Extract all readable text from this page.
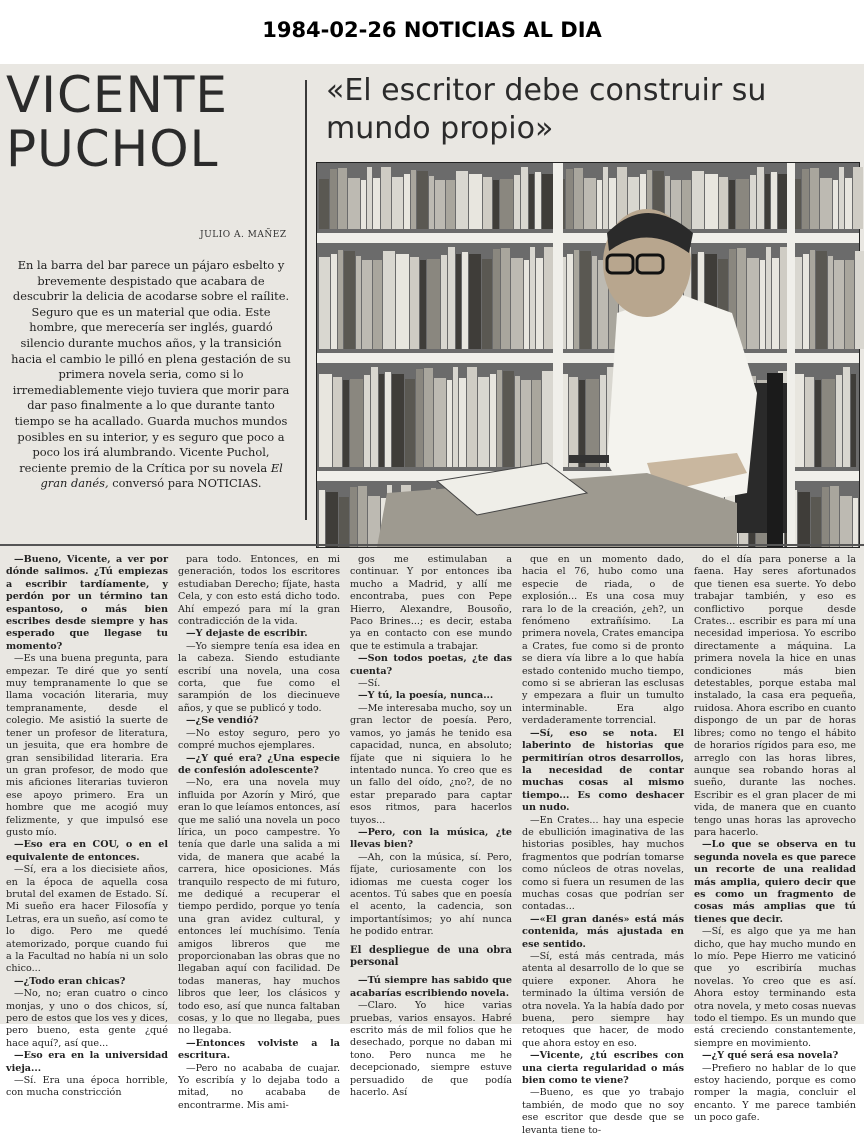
1984-02-26 NOTICIAS AL DIA
VICENTE
PUCHOL
«El escritor debe construir su mundo propio»
JULIO A. MAÑEZ
En la barra del bar parece un pájaro esbelto y brevemente despistado que acabara de descubrir la delicia de acodarse sobre el raílite. Seguro que es un material que odia. Este hombre, que merecería ser inglés, guardó silencio durante muchos años, y la transición hacia el cambio le pilló en plena gestación de su primera novela seria, como si lo irremediablemente viejo tuviera que morir para dar paso finalmente a lo que durante tanto tiempo se ha acallado. Guarda muchos mundos posibles en su interior, y es seguro que poco a poco los irá alumbrando. Vicente Puchol, reciente premio de la Crítica por su novela El gran danés, conversó para NOTICIAS.

—Bueno, Vicente, a ver por dónde salimos. ¿Tú empiezas a escribir tardíamente, y perdón por un término tan espantoso, o más bien escribes desde siempre y has esperado que llegase tu momento?

—Es una buena pregunta, para empezar. Te diré que yo sentí muy tempranamente lo que se llama vocación literaria, muy tempranamente, desde el colegio. Me asistió la suerte de tener un profesor de literatura, un jesuita, que era hombre de gran sensibilidad literaria. Era un gran profesor, de modo que mis aficiones literarias tuvieron ese apoyo primero. Era un hombre que me acogió muy felizmente, y que impulsó ese gusto mío.

—Eso era en COU, o en el equivalente de entonces.

—Sí, era a los diecisiete años, en la época de aquella cosa brutal del examen de Estado. Sí. Mi sueño era hacer Filosofía y Letras, era un sueño, así como te lo digo. Pero me quedé atemorizado, porque cuando fui a la Facultad no había ni un solo chico...

—¿Todo eran chicas?

—No, no; eran cuatro o cinco monjas, y uno o dos chicos, sí, pero de estos que los ves y dices, pero bueno, esta gente ¿qué hace aquí?, así que...

—Eso era en la universidad vieja...

—Sí. Era una época horrible, con mucha constricción

para todo. Entonces, en mi generación, todos los escritores estudiaban Derecho; fíjate, hasta Cela, y con esto está dicho todo. Ahí empezó para mí la gran contradicción de la vida.

—Y dejaste de escribir.

—Yo siempre tenía esa idea en la cabeza. Siendo estudiante escribí una novela, una cosa corta, que fue como el sarampión de los diecinueve años, y que se publicó y todo.

—¿Se vendió?

—No estoy seguro, pero yo compré muchos ejemplares.

—¿Y qué era? ¿Una especie de confesión adolescente?

—No, era una novela muy influida por Azorín y Miró, que eran lo que leíamos entonces, así que me salió una novela un poco lírica, un poco campestre. Yo tenía que darle una salida a mi vida, de manera que acabé la carrera, hice oposiciones. Más tranquilo respecto de mi futuro, me dediqué a recuperar el tiempo perdido, porque yo tenía una gran avidez cultural, y entonces leí muchísimo. Tenía amigos libreros que me proporcionaban las obras que no llegaban aquí con facilidad. De todas maneras, hay muchos libros que leer, los clásicos y todo eso, así que nunca faltaban cosas, y lo que no llegaba, pues no llegaba.

—Entonces volviste a la escritura.

—Pero no acababa de cuajar. Yo escribía y lo dejaba todo a mitad, no acababa de encontrarme. Mis ami-

gos me estimulaban a continuar. Y por entonces iba mucho a Madrid, y allí me encontraba, pues con Pepe Hierro, Alexandre, Bousoño, Paco Brines...; es decir, estaba ya en contacto con ese mundo que te estimula a trabajar.

—Son todos poetas, ¿te das cuenta?

—Sí.

—Y tú, la poesía, nunca...

—Me interesaba mucho, soy un gran lector de poesía. Pero, vamos, yo jamás he tenido esa capacidad, nunca, en absoluto; fíjate que ni siquiera lo he intentado nunca. Yo creo que es un fallo del oído, ¿no?, de no estar preparado para captar esos ritmos, para hacerlos tuyos...

—Pero, con la música, ¿te llevas bien?

—Ah, con la música, sí. Pero, fíjate, curiosamente con los idiomas me cuesta coger los acentos. Tú sabes que en poesía el acento, la cadencia, son importantísimos; yo ahí nunca he podido entrar.

El despliegue de una obra personal

—Tú siempre has sabido que acabarías escribiendo novela.

—Claro. Yo hice varias pruebas, varios ensayos. Habré escrito más de mil folios que he desechado, porque no daban mi tono. Pero nunca me he decepcionado, siempre estuve persuadido de que podía hacerlo. Así

que en un momento dado, hacia el 76, hubo como una especie de riada, o de explosión... Es una cosa muy rara lo de la creación, ¿eh?, un fenómeno extrañísimo. La primera novela, Crates emancipa a Crates, fue como si de pronto se diera vía libre a lo que había estado contenido mucho tiempo, como si se abrieran las esclusas y empezara a fluir un tumulto interminable. Era algo verdaderamente torrencial.

—Sí, eso se nota. El laberinto de historias que permitirían otros desarrollos, la necesidad de contar muchas cosas al mismo tiempo... Es como deshacer un nudo.

—En Crates... hay una especie de ebullición imaginativa de las historias posibles, hay muchos fragmentos que podrían tomarse como núcleos de otras novelas, como si fuera un resumen de las muchas cosas que podrían ser contadas...

—«El gran danés» está más contenida, más ajustada en ese sentido.

—Sí, está más centrada, más atenta al desarrollo de lo que se quiere exponer. Ahora he terminado la última versión de otra novela. Ya la había dado por buena, pero siempre hay retoques que hacer, de modo que ahora estoy en eso.

—Vicente, ¿tú escribes con una cierta regularidad o más bien como te viene?

—Bueno, es que yo trabajo también, de modo que no soy ese escritor que desde que se levanta tiene to-

do el día para ponerse a la faena. Hay seres afortunados que tienen esa suerte. Yo debo trabajar también, y eso es conflictivo porque desde Crates... escribir es para mí una necesidad imperiosa. Yo escribo directamente a máquina. La primera novela la hice en unas condiciones más bien detestables, porque estaba mal instalado, la casa era pequeña, ruidosa. Ahora escribo en cuanto dispongo de un par de horas libres; como no tengo el hábito de horarios rígidos para eso, me arreglo con las horas libres, aunque sea robando horas al sueño, durante las noches. Escribir es el gran placer de mi vida, de manera que en cuanto tengo unas horas las aprovecho para hacerlo.

—Lo que se observa en tu segunda novela es que parece un recorte de una realidad más amplia, quiero decir que es como un fragmento de cosas más amplias que tú tienes que decir.

—Sí, es algo que ya me han dicho, que hay mucho mundo en lo mío. Pepe Hierro me vaticinó que yo escribiría muchas novelas. Yo creo que es así. Ahora estoy terminando esta otra novela, y meto cosas nuevas todo el tiempo. Es un mundo que está creciendo constantemente, siempre en movimiento.

—¿Y qué será esa novela?

—Prefiero no hablar de lo que estoy haciendo, porque es como romper la magia, concluir el encanto. Y me parece también un poco gafe.
